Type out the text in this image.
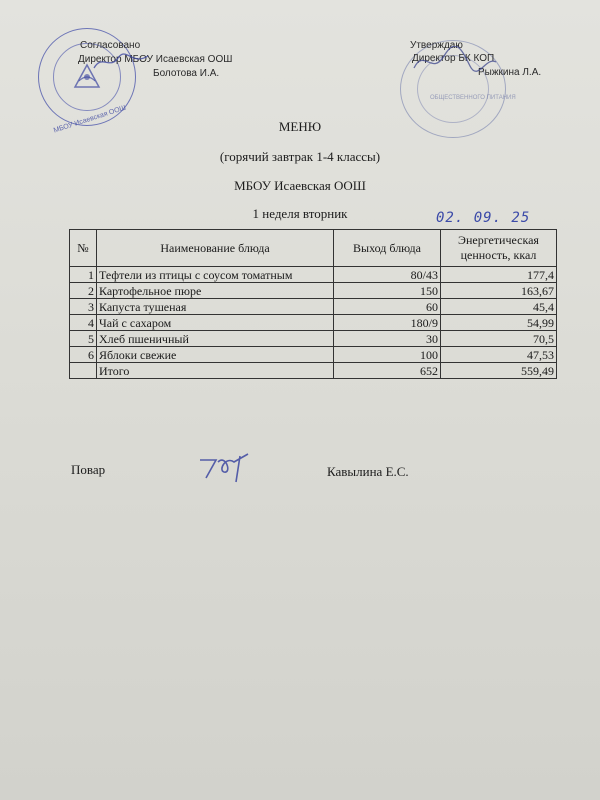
МБОУ Исаевская ООШ
Согласовано
Директор МБОУ Исаевская ООШ
Болотова И.А.
ОБЩЕСТВЕННОГО ПИТАНИЯ
Утверждаю
Директор БК КОП
Рыжкина Л.А.
МЕНЮ
(горячий завтрак 1-4 классы)
МБОУ Исаевская ООШ
1 неделя вторник	02. 09. 25
№	Наименование блюда	Выход блюда	Энергетическая ценность, ккал
1	Тефтели из птицы с соусом томатным	80/43	177,4
2	Картофельное пюре	150	163,67
3	Капуста тушеная	60	45,4
4	Чай с сахаром	180/9	54,99
5	Хлеб пшеничный	30	70,5
6	Яблоки свежие	100	47,53
	Итого	652	559,49
Повар	Кавылина Е.С.
